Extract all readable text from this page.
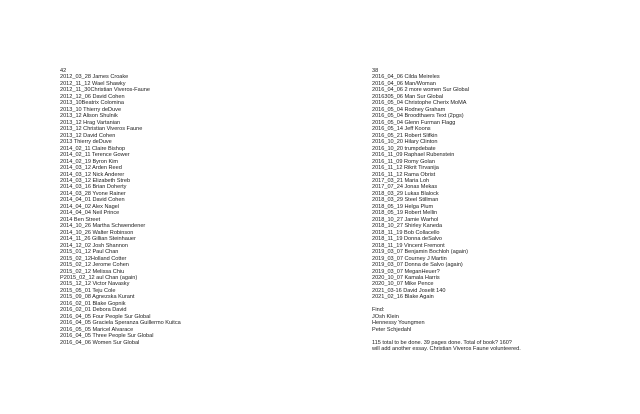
42
2012_03_28 James Croake
2012_11_12 Wael Shawky
2012_11_30Christian Viveros-Faune
2012_12_06 David Cohen
2013_10Beatrix Colomina
2013_10 Thierry deDuve
2013_12 Alison Shulnik
2013_12 Hrag Vartanian
2013_12 Christian Viveros Faune
2013_12 David Cohen
2013 Thierry deDuve
2014_02_11 Claire Bishop
2014_02_11 Terence Gower
2014_02_19 Byron Kim
2014_03_12 Arden Reed
2014_03_12 Nick Anderer
2014_03_12 Elizabeth Streb
2014_03_16 Brian Doherty
2014_03_28 Yvone Rainer
2014_04_01 David Cohen
2014_04_02 Alex Nagel
2014_04_04 Neil Prince
2014 Ben Street
2014_10_26 Martha Schwendener
2014_10_26 Walter Robinson
2014_11_26 Gillian Steinhauer
2014_12_02 Josh Shannon
2015_01_12 Paul Chan
2015_02_12Holland Cotter
2015_02_12 Jerome Cohen
2015_02_12 Melissa Chiu
P2015_02_12 aul Chan (again)
2015_12_12 Victor Navasky
2015_05_01 Teju Cole
2015_09_08 Agnezska Kurant
2016_02_01 Blake Gopnik
2016_02_01 Debora David
2016_04_05 Four People Sur Global
2016_04_05 Graciela Speranza Guillermo Kuitca
2016_05_05 Maricel Alvarace
2016_04_05 Three People Sur Global
2016_04_06 Women Sur Global
38
2016_04_06 Cilda Meireles
2016_04_06 Man/Woman
2016_04_06 2 more women Sur Global
2016305_06 Man Sur Global
2016_05_04 Christophe Cherix MoMA
2016_05_04 Rodney Graham
2016_05_04 Broodthaers Text (2pgs)
2016_05_04 Glenn Furman Flagg
2016_05_14 Jeff Koons
2016_05_21 Robert Slifkin
2016_10_20 Hilary Clinton
2016_10_20 trumpdebate
2016_11_09 Raphael Rubenstein
2016_11_09 Romy Golan
2016_11_12 Rikrit Tirvanija
2016_11_12 Rama Obrist
2017_03_21 Maria Loh
2017_07_24 Jonas Mekas
2018_03_29 Lukas Blalock
2018_03_29 Steel Stillman
2018_05_19 Helga Plum
2018_05_19 Robert Mellin
2018_10_27 Jamie Warhol
2018_10_27 Shirley Kaneda
2018_11_19 Bob Collacello
2018_11_19 Donna deSalvo
2018_11_19 Vincent Fremont
2019_03_07 Benjamin Bochloh (again)
2019_03_07 Courney J Martin
2019_03_07 Donna de Salvo (again)
2019_03_07 MeganHeuer?
2020_10_07 Kamala Harris
2020_10_07 Mike Pence
2021_03-16 David Joselit 140
2021_02_16 Blake Again
Find:
JOsh Klein
Hennessy Youngmen
Peter Schjedahl
115 total to be done. 39 pages done. Total of book? 160?
will add another essay. Christian Viveros Faune volunteered.
